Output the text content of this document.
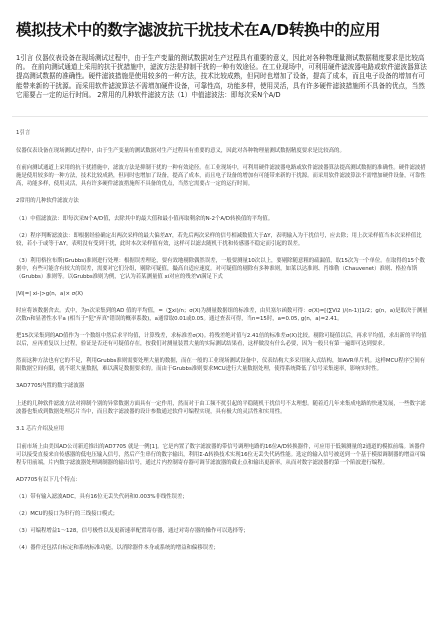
模拟技术中的数字滤波抗干扰技术在A/D转换中的应用
1引言 仪器仪表设备在现场测试过程中，由于生产变量的测试数据对生产过程具有重要的意义，因此对各种物理量测试数据精度要求是比较高的。 在前向测试通道上采用的抗干扰措施中，滤波方法是抑制干扰的一种有效途径。在工业现场中，可利用硬件滤波器电路或软件滤波器算法提高测试数据的准确性。硬件滤波措施是使用较多的一种方法，技术比较成熟，但同时也增加了设备，提高了成本，而且电子设备的增加有可能带来新的干扰源。而采用软件滤波算法不需增加硬件设备，可靠性高，功能多样，使用灵活，具有许多硬件滤波措施所不具备的优点，当然它需要占一定的运行时间。 2常用的几种软件滤波方法（1）中值滤波法：即每次采N个A/D
1引言
仪器仪表设备在现场测试过程中，由于生产变量的测试数据对生产过程具有重要的意义，因此对各种物理量测试数据精度要求是比较高的。
在前向测试通道上采用的抗干扰措施中，滤波方法是抑制干扰的一种有效途径。在工业现场中，可利用硬件滤波器电路或软件滤波器算法提高测试数据的准确性。硬件滤波措施是使用较多的一种方法，技术比较成熟，但同时也增加了设备，提高了成本，而且电子设备的增加有可能带来新的干扰源。而采用软件滤波算法不需增加硬件设备，可靠性高，功能多样，使用灵活，具有许多硬件滤波措施所不具备的优点，当然它需要占一定的运行时间。
2常用的几种软件滤波方法
（1）中值滤波法：即每次采N个A/D值，去除其中的最大值和最小值再取剩余的N-2个A/D转换值的平均值。
（2）程序判断滤波法：即根据经验确定出两次采样的最大偏差ΔY，若先后两次采样的信号相减数值大于ΔY，表明输入为干扰信号，应去除；用上次采样值当本次采样值比较，若小于或等于ΔY，表明没有受到干扰，此时本次采样值有效，这样可以滤去随机干扰和传感器不稳定而引起的误差。
（3）利用格拉布斯(Grubbs)准则进行处理：根据误差理论，要有效地剔除偶然误差，一般要测量10次以上，要剔除随意粗的疏漏值，取15次为一个单位。在取得的15个数据中，有些可能含有较大的误差，需要对它们分组，剔除可疑值，撮高自适应速度。对可疑值的剔除有多种准则，如莱以达准则、肖维勒（Chauvenet）准则、格拉布斯（Grubbs）准则等。以Grubbs准则为例，它认为若某测量值 xi对应的残差Vi满足下式
|Vi|=| xi-|>g(n，a)× σ(X)
时应将该数据舍去。式中，为n次采集到的AD 值的平均值，=（∑xi)/n；σ(X)为测量数据组的标准差，由贝塞尔函数可得：σ(X)=[(∑Vi2 )/(n-1)]1/2；g(n，a)是取决于测量次数n和显著性水平a (相当于"犯"弃真"错误的概率系数)，a通常取0.01或0.05。通过查表可得，当n=15时，a=0.05, g(n，a)=2.41。
把15次采集到的AD值作为一个数组中然后求平均值，计算残差，求标准差σ(X)。将残差绝对值与2.41倍的标准差σ(X)比较。剔除可疑值以后，再求平均值，求出新的平均值以后，应再重复以上过程，验证是否还有可疑值存在，按我们对测量装置大量的实际测试结果看，这样做没有什么必要，因为一般只有第一遍即可达到要求。
然而这种方法也有它的不足，利用Grubbs准则需要处理大量的数据，而在一般的工业现场测试设备中，仪表结构大多采用嵌入式结构，如AVR单片机。这样MCU程序空间有限数据空间有限，就不堪大量数据，难以满足数据要求的。而由于Grubbs准则要求MCU进行大量数据处理，使得系统降低了信号采集速率，影响实时性。
3AD7705内置的数字滤波器
上述的几种软件滤波方法对抑制个别的异常数据方面具有一定作用，然而对于由工频不扰引起的平稳随机干扰信号不太理想。随着近几年来集成电路的快速发展，一些数字滤波器也集成到数据处理芯片当中，而且数字滤波器的设计参数通过软件可编程实现，具有极大的灵活性和实用性。
3.1 芯片介绍及应用
目前市场上由美国AD公司新近推出的AD7705 就是一例[1]。它是内置了数字滤波器的带信号调理电路的16位A/D转换器件，可应用于低频测量的2通道的模拟前端。该器件可以接受直接来自传感器的低电压输入信号，然后产生串行的数字输出，利用Σ-Δ转换技术实现16位无丢失代码性能。选定的输入信号被送到一个基于模拟调制器的增益可编程专用前端，片内数字滤波器处理调制器的输出信号，通过片内控制寄存器可调节滤波器的截止点和输出更新率，从而对数字滤波器的第一个陷波进行编程。
AD7705有以下几个特点：
（1）带有输入滤波ADC，具有16位无丢失代码和0.003%非线性误差；
（2）MCU的接口为串行的三线接口模式；
（3）可编程增益1～128，信号极性以及更新速率配置寄存器，通过对寄存器的操作可以选择等；
（4）器件还包括自标定和系统标准功能，以消除器件本身或系统的增益和偏移误差；
